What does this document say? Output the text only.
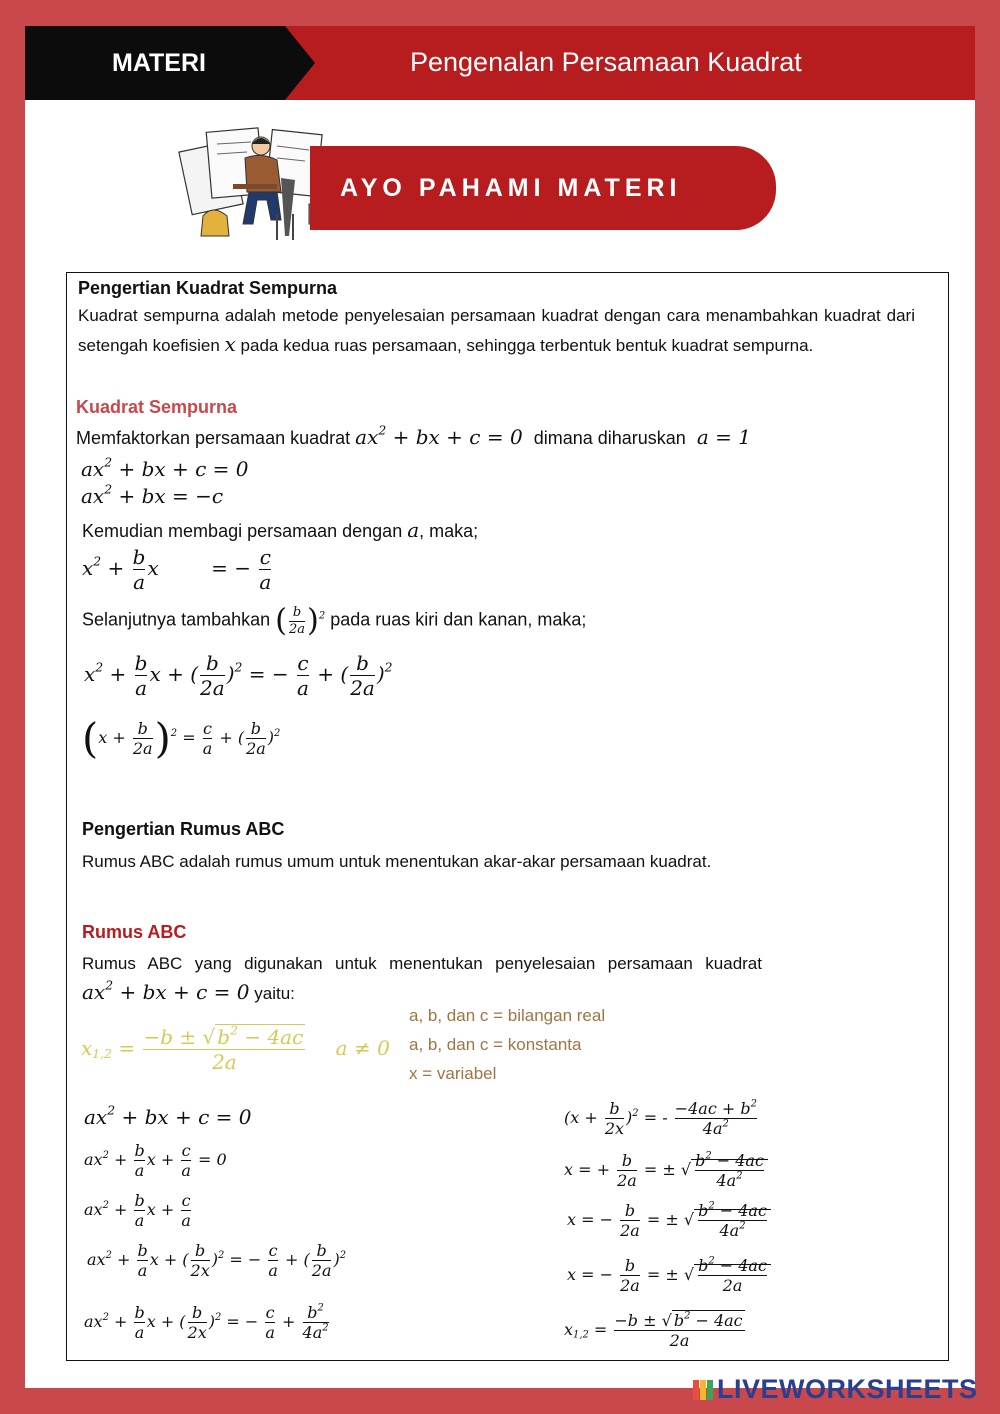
MATERI	Pengenalan Persamaan Kuadrat
AYO PAHAMI MATERI
Pengertian Kuadrat Sempurna
Kuadrat sempurna adalah metode penyelesaian persamaan kuadrat dengan cara menambahkan kuadrat dari setengah koefisien x pada kedua ruas persamaan, sehingga terbentuk bentuk kuadrat sempurna.
Kuadrat Sempurna
Memfaktorkan persamaan kuadrat $ax^2$ + bx + c = 0 dimana diharuskan a = 1
$ax^2$ + bx + c = 0
$ax^2$ + bx = −c
Kemudian membagi persamaan dengan a, maka;
$x^2 + \frac{b}{a}$ x = − $\frac{c}{a}$
Selanjutnya tambahkan ( $\frac{b}{2a} )^2$ pada ruas kiri dan kanan, maka;
$x^2 + \frac{b}{a}$ x + ( $\frac{b}{2a} )^2$ = − $\frac{c}{a}$ + ( $\frac{b}{2a} )^2$
$(x + \frac{b}{2a} )^2 = \frac{c}{a}$ + ( $\frac{b}{2a} )^2$
Pengertian Rumus ABC
Rumus ABC adalah rumus umum untuk menentukan akar-akar persamaan kuadrat.
Rumus ABC
Rumus ABC yang digunakan untuk menentukan penyelesaian persamaan kuadrat $ax^2$ + bx + c = 0 yaitu:
$x_{1,2} = \frac{-b \pm √ b^2 - 4ac}{2a}$ a ≠ 0
a, b, dan c = bilangan real
a, b, dan c = konstanta
x = variabel
$ax^2$ + bx + c = 0
$ax^2 + \frac{b}{a}$ $x + \frac{c}{a} = 0$
$ax^2 + \frac{b}{a}$ $x + \frac{c}{a}$
$ax^2 + \frac{b}{a}$ x + ( $\frac{b}{2x} )^2$ = − $\frac{c}{a}$ + ( $\frac{b}{2a} )^2$
$ax^2 + \frac{b}{a}$ x + ( $\frac{b}{2x} )^2$ = − $\frac{c}{a} + \frac{b^2}{4a^2}$
$(x + \frac{b}{2x} )^2$ = - $\frac{-4ac + b^2}{4a^2}$
x = + $\frac{b}{2a}$ = ± √ $\frac{b^2 - 4ac}{4a^2}$
x = − $\frac{b}{2a}$ = ± √ $\frac{b^2 - 4ac}{4a^2}$
x = − $\frac{b}{2a}$ = ± √ $\frac{b^2 - 4ac}{2a}$
$x_{1,2} = \frac{-b \pm √ b^2 - 4ac}{2a}$
LIVEWORKSHEETS
